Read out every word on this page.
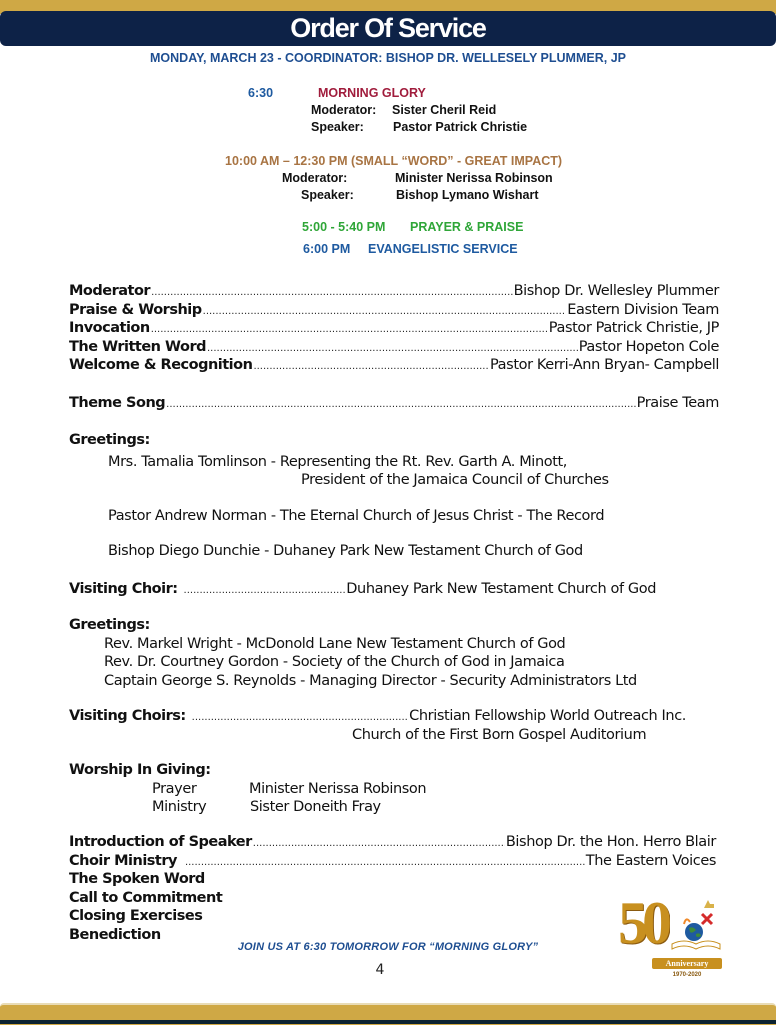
Order Of Service
MONDAY, MARCH 23 - COORDINATOR: BISHOP DR. WELLESELY PLUMMER, JP
6:30	MORNING GLORY
Moderator:	Sister Cheril Reid
Speaker:	Pastor Patrick Christie
10:00 AM – 12:30 PM (SMALL “WORD” - GREAT IMPACT)
Moderator:	Minister Nerissa Robinson
Speaker:	Bishop Lymano Wishart
5:00 - 5:40 PM	PRAYER & PRAISE
6:00 PM	EVANGELISTIC SERVICE
Moderator .....	Bishop Dr. Wellesley Plummer
Praise & Worship .....	Eastern Division Team
Invocation .....	Pastor Patrick Christie, JP
The Written Word .....	Pastor Hopeton Cole
Welcome & Recognition .....	Pastor Kerri-Ann Bryan- Campbell
Theme Song .....	Praise Team
Greetings:
Mrs. Tamalia Tomlinson - Representing the Rt. Rev. Garth A. Minott,
President of the Jamaica Council of Churches
Pastor Andrew Norman - The Eternal Church of Jesus Christ - The Record
Bishop Diego Dunchie - Duhaney Park New Testament Church of God
Visiting Choir: .....	Duhaney Park New Testament Church of God
Greetings:
Rev. Markel Wright - McDonold Lane New Testament Church of God
Rev. Dr. Courtney Gordon - Society of the Church of God in Jamaica
Captain George S. Reynolds - Managing Director - Security Administrators Ltd
Visiting Choirs: .....	Christian Fellowship World Outreach Inc.
Church of the First Born Gospel Auditorium
Worship In Giving:
Prayer	Minister Nerissa Robinson
Ministry	Sister Doneith Fray
Introduction of Speaker .....	Bishop Dr. the Hon. Herro Blair
Choir Ministry .....	The Eastern Voices
The Spoken Word
Call to Commitment
Closing Exercises
Benediction
JOIN US AT 6:30 TOMORROW FOR “MORNING GLORY”
4
50
Anniversary
1970-2020
